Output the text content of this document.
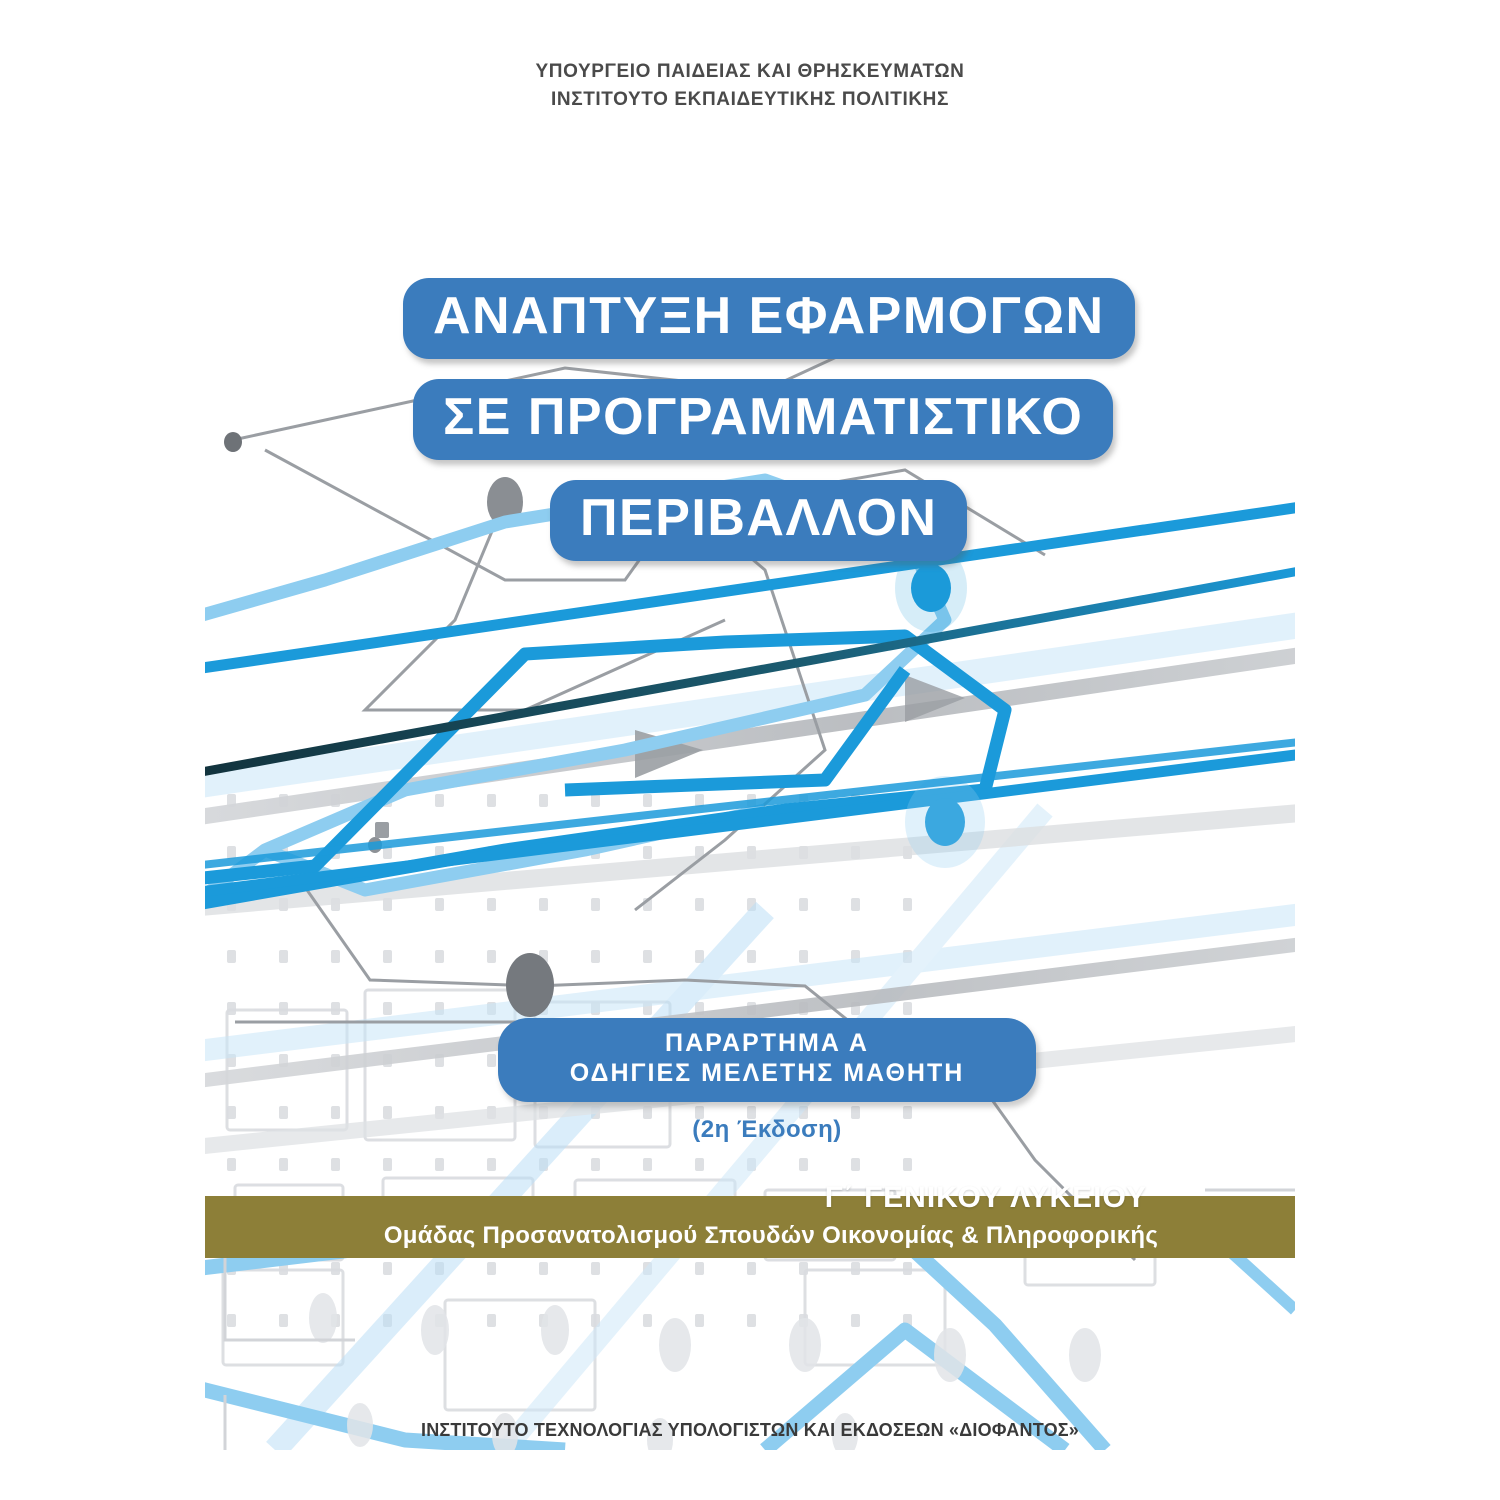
ΥΠΟΥΡΓΕΙΟ ΠΑΙΔΕΙΑΣ ΚΑΙ ΘΡΗΣΚΕΥΜΑΤΩΝ
ΙΝΣΤΙΤΟΥΤΟ ΕΚΠΑΙΔΕΥΤΙΚΗΣ ΠΟΛΙΤΙΚΗΣ
ΑΝΑΠΤΥΞΗ ΕΦΑΡΜΟΓΩΝ
ΣΕ ΠΡΟΓΡΑΜΜΑΤΙΣΤΙΚΟ
ΠΕΡΙΒΑΛΛΟΝ
ΠΑΡΑΡΤΗΜΑ Α
ΟΔΗΓΙΕΣ ΜΕΛΕΤΗΣ ΜΑΘΗΤΗ
(2η Έκδοση)
Γ΄ ΓΕΝΙΚΟΥ ΛΥΚΕΙΟΥ
Ομάδας Προσανατολισμού Σπουδών Οικονομίας & Πληροφορικής
ΙΝΣΤΙΤΟΥΤΟ ΤΕΧΝΟΛΟΓΙΑΣ ΥΠΟΛΟΓΙΣΤΩΝ ΚΑΙ ΕΚΔΟΣΕΩΝ «ΔΙΟΦΑΝΤΟΣ»
